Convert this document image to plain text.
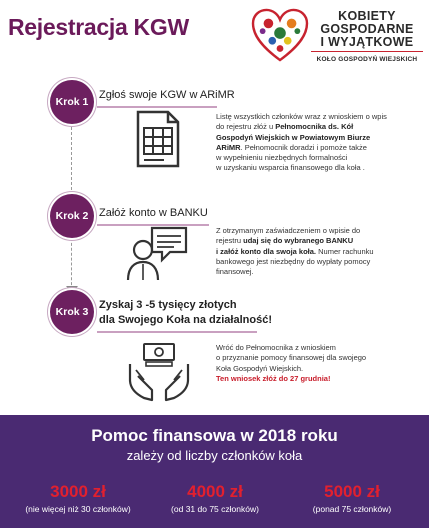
Rejestracja KGW	KOBIETY
GOSPODARNE
I WYJĄTKOWE
KOŁO GOSPODYŃ WIEJSKICH
Krok 1
Zgłoś swoje KGW w ARiMR
Listę wszystkich członków wraz z wnioskiem o wpis
do rejestru złóż u Pełnomocnika ds. Kół
Gospodyń Wiejskich w Powiatowym Biurze
ARiMR. Pełnomocnik doradzi i pomoże także
w wypełnieniu niezbędnych formalności
w uzyskaniu wsparcia finansowego dla koła .
Krok 2 Załóż konto w BANKU
Z otrzymanym zaświadczeniem o wpisie do
rejestru udaj się do wybranego BANKU
i załóż konto dla swoja koła. Numer rachunku
bankowego jest niezbędny do wypłaty pomocy
finansowej.
Krok 3
Zyskaj 3 -5 tysięcy złotych
dla Swojego Koła na działalność!
Wróć do Pełnomocnika z wnioskiem
o przyznanie pomocy finansowej dla swojego
Koła Gospodyń Wiejskich.
Ten wniosek złóż do 27 grudnia!
Pomoc finansowa w 2018 roku
zależy od liczby członków koła
3000 zł
(nie więcej niż 30 członków)
4000 zł
(od 31 do 75 członków)
5000 zł
(ponad 75 członków)
